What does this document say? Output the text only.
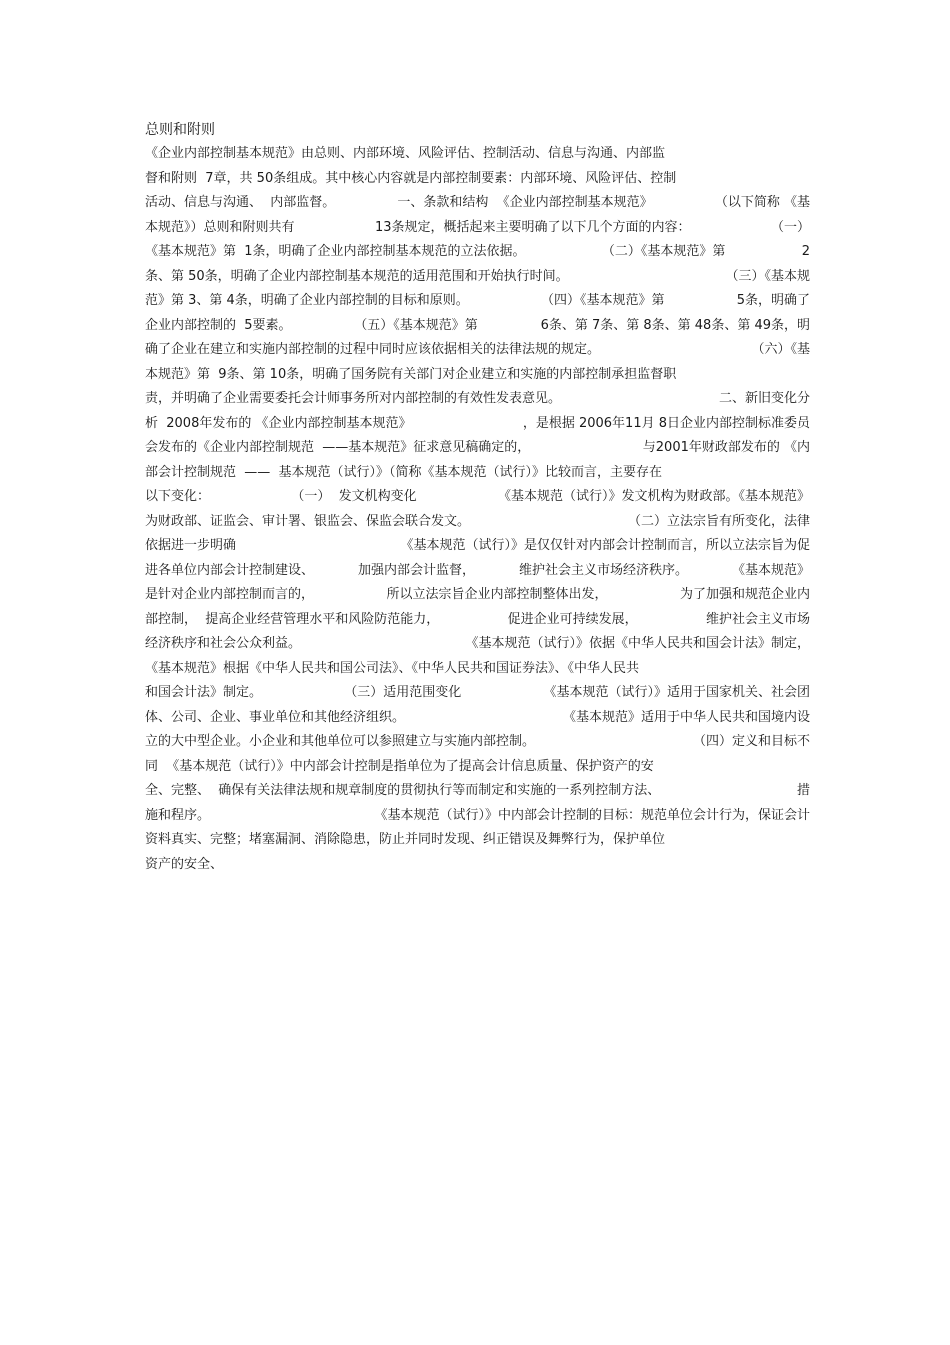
总则和附则
《企业内部控制基本规范》由总则、内部环境、风险评估、控制活动、信息与沟通、内部监
督和附则  7章，共 50条组成。其中核心内容就是内部控制要素：内部环境、风险评估、控制
活动、信息与沟通、  内部监督。	一、条款和结构  《企业内部控制基本规范》	（以下简称 《基
本规范》）总则和附则共有	13条规定，概括起来主要明确了以下几个方面的内容：	（一）
《基本规范》第  1条，明确了企业内部控制基本规范的立法依据。	（二）《基本规范》第	2
条、第 50条，明确了企业内部控制基本规范的适用范围和开始执行时间。	（三）《基本规
范》第 3、第 4条，明确了企业内部控制的目标和原则。	（四）《基本规范》第	5条，明确了
企业内部控制的  5要素。	（五）《基本规范》第	6条、第 7条、第 8条、第 48条、第 49条，明
确了企业在建立和实施内部控制的过程中同时应该依据相关的法律法规的规定。	（六）《基
本规范》第  9条、第 10条，明确了国务院有关部门对企业建立和实施的内部控制承担监督职
责，并明确了企业需要委托会计师事务所对内部控制的有效性发表意见。	二、新旧变化分
析  2008年发布的 《企业内部控制基本规范》	，是根据 2006年11月 8日企业内部控制标准委员
会发布的《企业内部控制规范  ——基本规范》征求意见稿确定的，	与2001年财政部发布的 《内
部会计控制规范  ——  基本规范（试行）》（简称《基本规范（试行）》比较而言，主要存在
以下变化：	（一）  发文机构变化	《基本规范（试行）》发文机构为财政部。《基本规范》
为财政部、证监会、审计署、银监会、保监会联合发文。	（二）立法宗旨有所变化，法律
依据进一步明确	《基本规范（试行）》是仅仅针对内部会计控制而言，所以立法宗旨为促
进各单位内部会计控制建设、	加强内部会计监督，	维护社会主义市场经济秩序。	《基本规范》
是针对企业内部控制而言的，	所以立法宗旨企业内部控制整体出发，	为了加强和规范企业内
部控制，  提高企业经营管理水平和风险防范能力，	促进企业可持续发展，	维护社会主义市场
经济秩序和社会公众利益。	《基本规范（试行）》依据《中华人民共和国会计法》制定，
《基本规范》根据《中华人民共和国公司法》、《中华人民共和国证券法》、《中华人民共
和国会计法》制定。	（三）适用范围变化	《基本规范（试行）》适用于国家机关、社会团
体、公司、企业、事业单位和其他经济组织。	《基本规范》适用于中华人民共和国境内设
立的大中型企业。小企业和其他单位可以参照建立与实施内部控制。	（四）定义和目标不
同  《基本规范（试行）》中内部会计控制是指单位为了提高会计信息质量、保护资产的安
全、完整、  确保有关法律法规和规章制度的贯彻执行等而制定和实施的一系列控制方法、	措
施和程序。	《基本规范（试行）》中内部会计控制的目标：规范单位会计行为，保证会计
资料真实、完整；堵塞漏洞、消除隐患，防止并同时发现、纠正错误及舞弊行为，保护单位
资产的安全、
